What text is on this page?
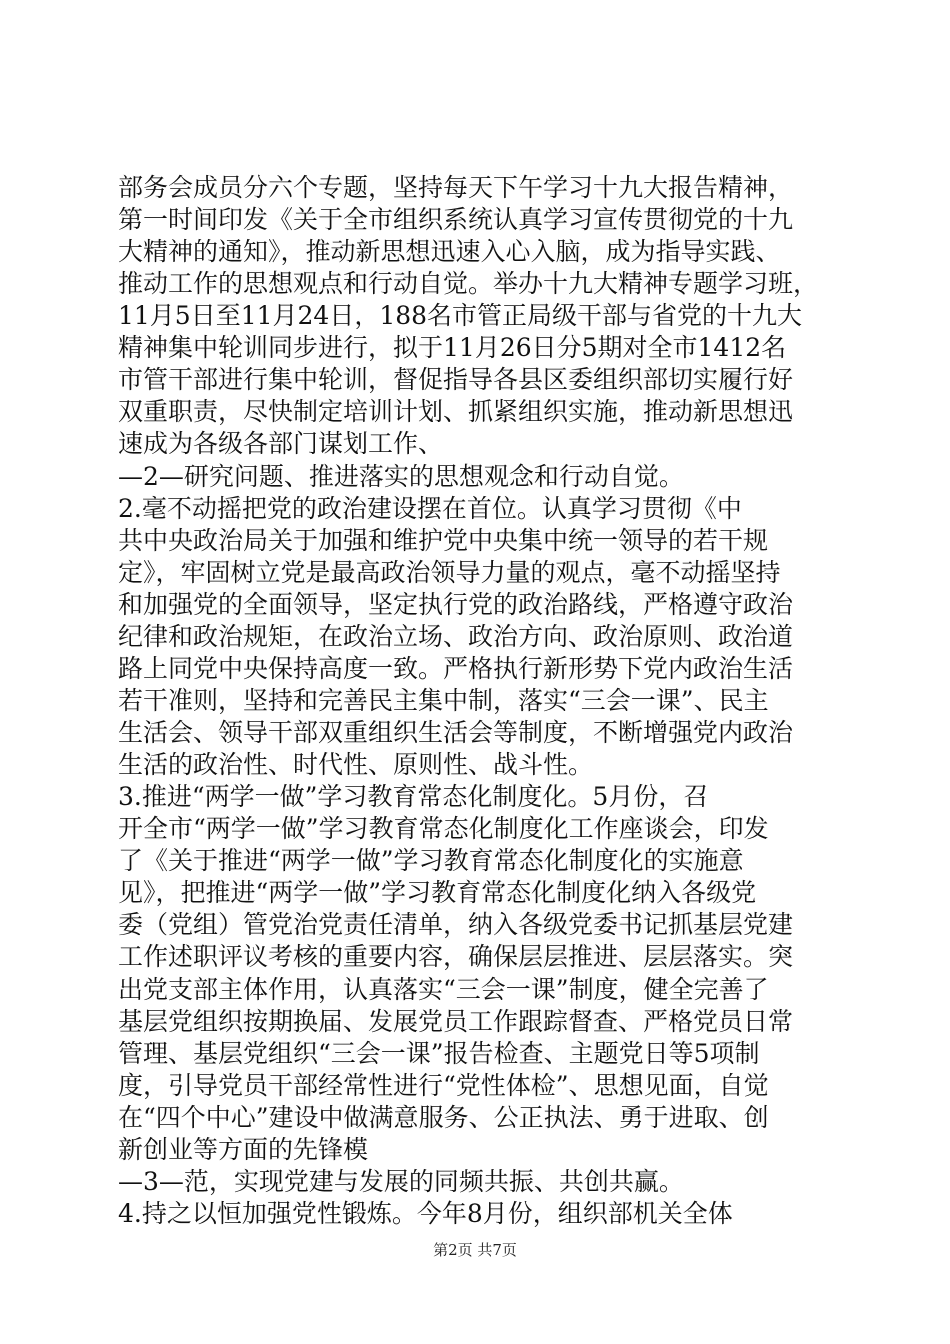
部务会成员分六个专题，坚持每天下午学习十九大报告精神，
第一时间印发《关于全市组织系统认真学习宣传贯彻党的十九
大精神的通知》，推动新思想迅速入心入脑，成为指导实践、
推动工作的思想观点和行动自觉。举办十九大精神专题学习班，
11月5日至11月24日，188名市管正局级干部与省党的十九大
精神集中轮训同步进行，拟于11月26日分5期对全市1412名
市管干部进行集中轮训，督促指导各县区委组织部切实履行好
双重职责，尽快制定培训计划、抓紧组织实施，推动新思想迅
速成为各级各部门谋划工作、
—2—研究问题、推进落实的思想观念和行动自觉。
2.毫不动摇把党的政治建设摆在首位。认真学习贯彻《中
共中央政治局关于加强和维护党中央集中统一领导的若干规
定》，牢固树立党是最高政治领导力量的观点，毫不动摇坚持
和加强党的全面领导，坚定执行党的政治路线，严格遵守政治
纪律和政治规矩，在政治立场、政治方向、政治原则、政治道
路上同党中央保持高度一致。严格执行新形势下党内政治生活
若干准则，坚持和完善民主集中制，落实“三会一课”、民主
生活会、领导干部双重组织生活会等制度，不断增强党内政治
生活的政治性、时代性、原则性、战斗性。
3.推进“两学一做”学习教育常态化制度化。5月份，召
开全市“两学一做”学习教育常态化制度化工作座谈会，印发
了《关于推进“两学一做”学习教育常态化制度化的实施意
见》，把推进“两学一做”学习教育常态化制度化纳入各级党
委（党组）管党治党责任清单，纳入各级党委书记抓基层党建
工作述职评议考核的重要内容，确保层层推进、层层落实。突
出党支部主体作用，认真落实“三会一课”制度，健全完善了
基层党组织按期换届、发展党员工作跟踪督查、严格党员日常
管理、基层党组织“三会一课”报告检查、主题党日等5项制
度，引导党员干部经常性进行“党性体检”、思想见面，自觉
在“四个中心”建设中做满意服务、公正执法、勇于进取、创
新创业等方面的先锋模
—3—范，实现党建与发展的同频共振、共创共赢。
4.持之以恒加强党性锻炼。今年8月份，组织部机关全体
第2页 共7页
